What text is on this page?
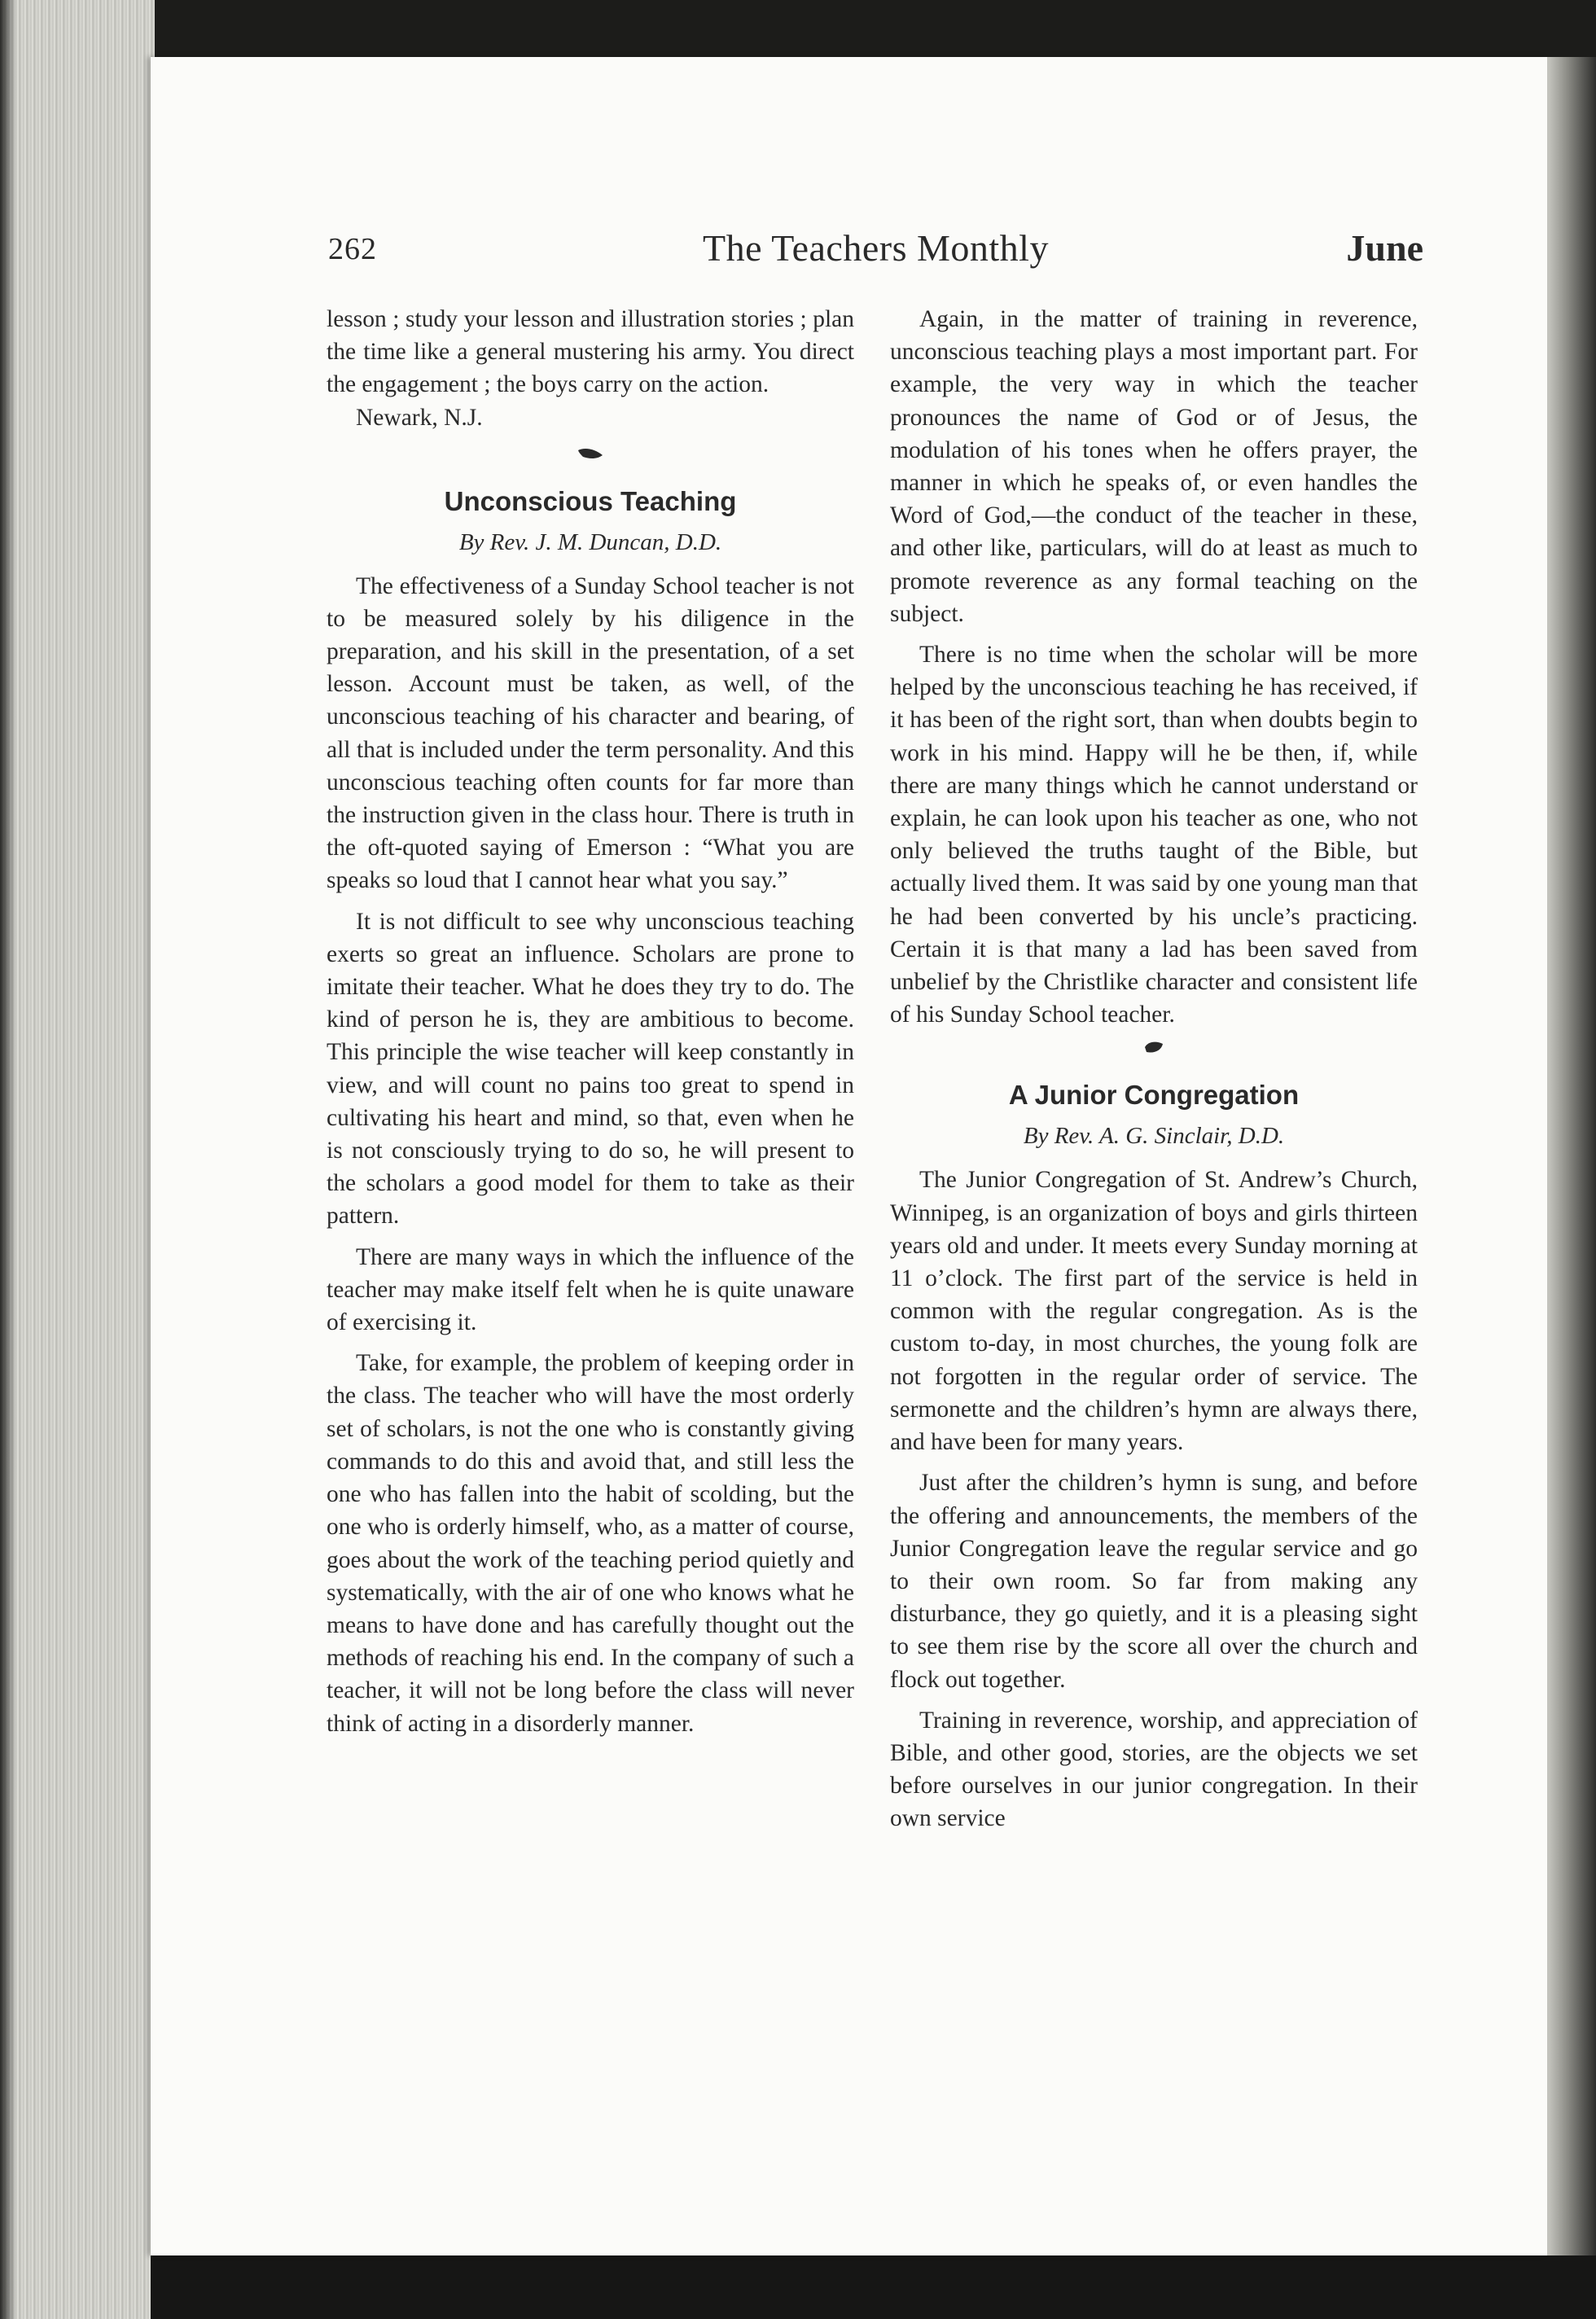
262	The Teachers Monthly	June

lesson ; study your lesson and illustration stories ; plan the time like a general mustering his army. You direct the engagement ; the boys carry on the action.

Newark, N.J.
Unconscious Teaching
By Rev. J. M. Duncan, D.D.

The effectiveness of a Sunday School teacher is not to be measured solely by his diligence in the preparation, and his skill in the presentation, of a set lesson. Account must be taken, as well, of the unconscious teaching of his character and bearing, of all that is included under the term personality. And this unconscious teaching often counts for far more than the instruction given in the class hour. There is truth in the oft-quoted saying of Emerson : “What you are speaks so loud that I cannot hear what you say.”

It is not difficult to see why unconscious teaching exerts so great an influence. Scholars are prone to imitate their teacher. What he does they try to do. The kind of person he is, they are ambitious to become. This principle the wise teacher will keep constantly in view, and will count no pains too great to spend in cultivating his heart and mind, so that, even when he is not consciously trying to do so, he will present to the scholars a good model for them to take as their pattern.

There are many ways in which the influence of the teacher may make itself felt when he is quite unaware of exercising it.

Take, for example, the problem of keeping order in the class. The teacher who will have the most orderly set of scholars, is not the one who is constantly giving commands to do this and avoid that, and still less the one who has fallen into the habit of scolding, but the one who is orderly himself, who, as a matter of course, goes about the work of the teaching period quietly and systematically, with the air of one who knows what he means to have done and has carefully thought out the methods of reaching his end. In the company of such a teacher, it will not be long before the class will never think of acting in a disorderly manner.

Again, in the matter of training in reverence, unconscious teaching plays a most important part. For example, the very way in which the teacher pronounces the name of God or of Jesus, the modulation of his tones when he offers prayer, the manner in which he speaks of, or even handles the Word of God,—the conduct of the teacher in these, and other like, particulars, will do at least as much to promote reverence as any formal teaching on the subject.

There is no time when the scholar will be more helped by the unconscious teaching he has received, if it has been of the right sort, than when doubts begin to work in his mind. Happy will he be then, if, while there are many things which he cannot understand or explain, he can look upon his teacher as one, who not only believed the truths taught of the Bible, but actually lived them. It was said by one young man that he had been converted by his uncle’s practicing. Certain it is that many a lad has been saved from unbelief by the Christlike character and consistent life of his Sunday School teacher.

A Junior Congregation
By Rev. A. G. Sinclair, D.D.

The Junior Congregation of St. Andrew’s Church, Winnipeg, is an organization of boys and girls thirteen years old and under. It meets every Sunday morning at 11 o’clock. The first part of the service is held in common with the regular congregation. As is the custom to-day, in most churches, the young folk are not forgotten in the regular order of service. The sermonette and the children’s hymn are always there, and have been for many years.

Just after the children’s hymn is sung, and before the offering and announcements, the members of the Junior Congregation leave the regular service and go to their own room. So far from making any disturbance, they go quietly, and it is a pleasing sight to see them rise by the score all over the church and flock out together.

Training in reverence, worship, and appreciation of Bible, and other good, stories, are the objects we set before ourselves in our junior congregation. In their own service
